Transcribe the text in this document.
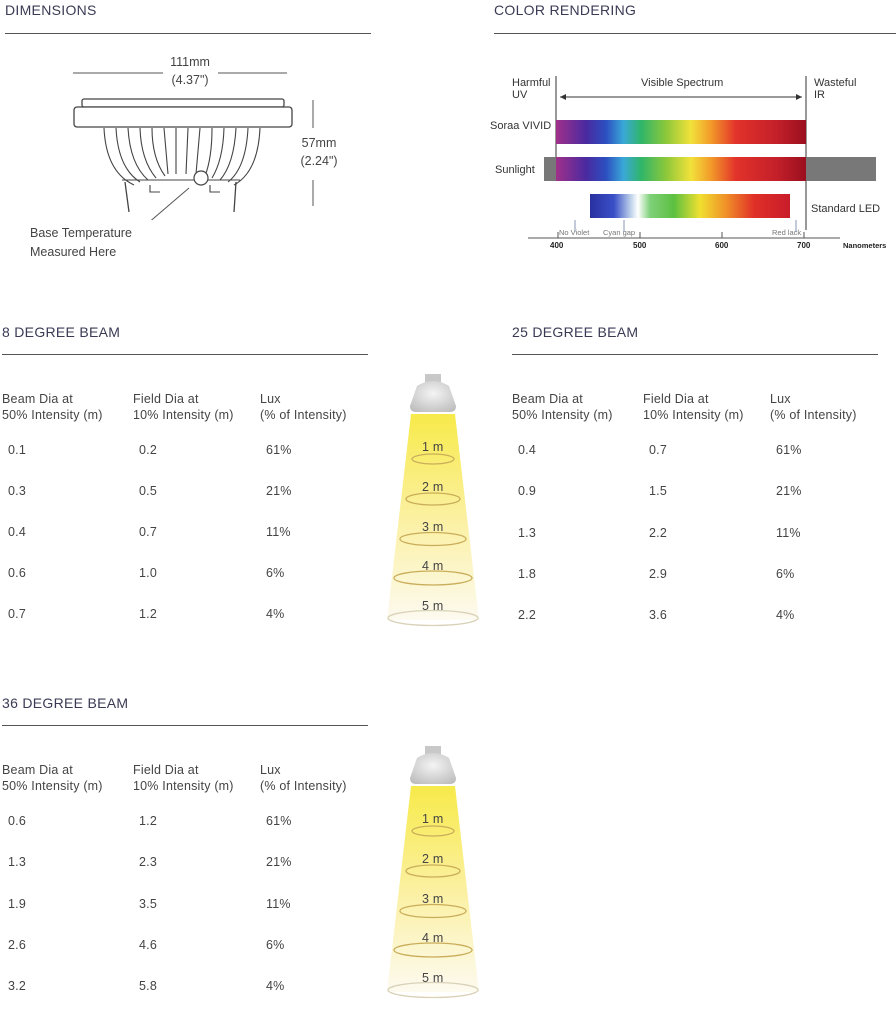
DIMENSIONS
111mm
(4.37")
57mm
(2.24")
Base Temperature
Measured Here
COLOR RENDERING
Harmful
UV
Visible Spectrum	Wasteful
IR
Soraa VIVID
Sunlight
Standard LED
No Violet Cyan gap	Red lack
400	500	600	700	Nanometers
8 DEGREE BEAM
Beam Dia at
50% Intensity (m)
Field Dia at
10% Intensity (m)
Lux
(% of Intensity)
0.1	0.2	61%
0.3	0.5	21%
0.4	0.7	11%
0.6	1.0	6%
0.7	1.2	4%
1 m
2 m
3 m
4 m
5 m
25 DEGREE BEAM
Beam Dia at
50% Intensity (m)
Field Dia at
10% Intensity (m)
Lux
(% of Intensity)
0.4	0.7	61%
0.9	1.5	21%
1.3	2.2	11%
1.8	2.9	6%
2.2	3.6	4%
36 DEGREE BEAM
Beam Dia at
50% Intensity (m)
Field Dia at
10% Intensity (m)
Lux
(% of Intensity)
0.6	1.2	61%
1.3	2.3	21%
1.9	3.5	11%
2.6	4.6	6%
3.2	5.8	4%
1 m
2 m
3 m
4 m
5 m
